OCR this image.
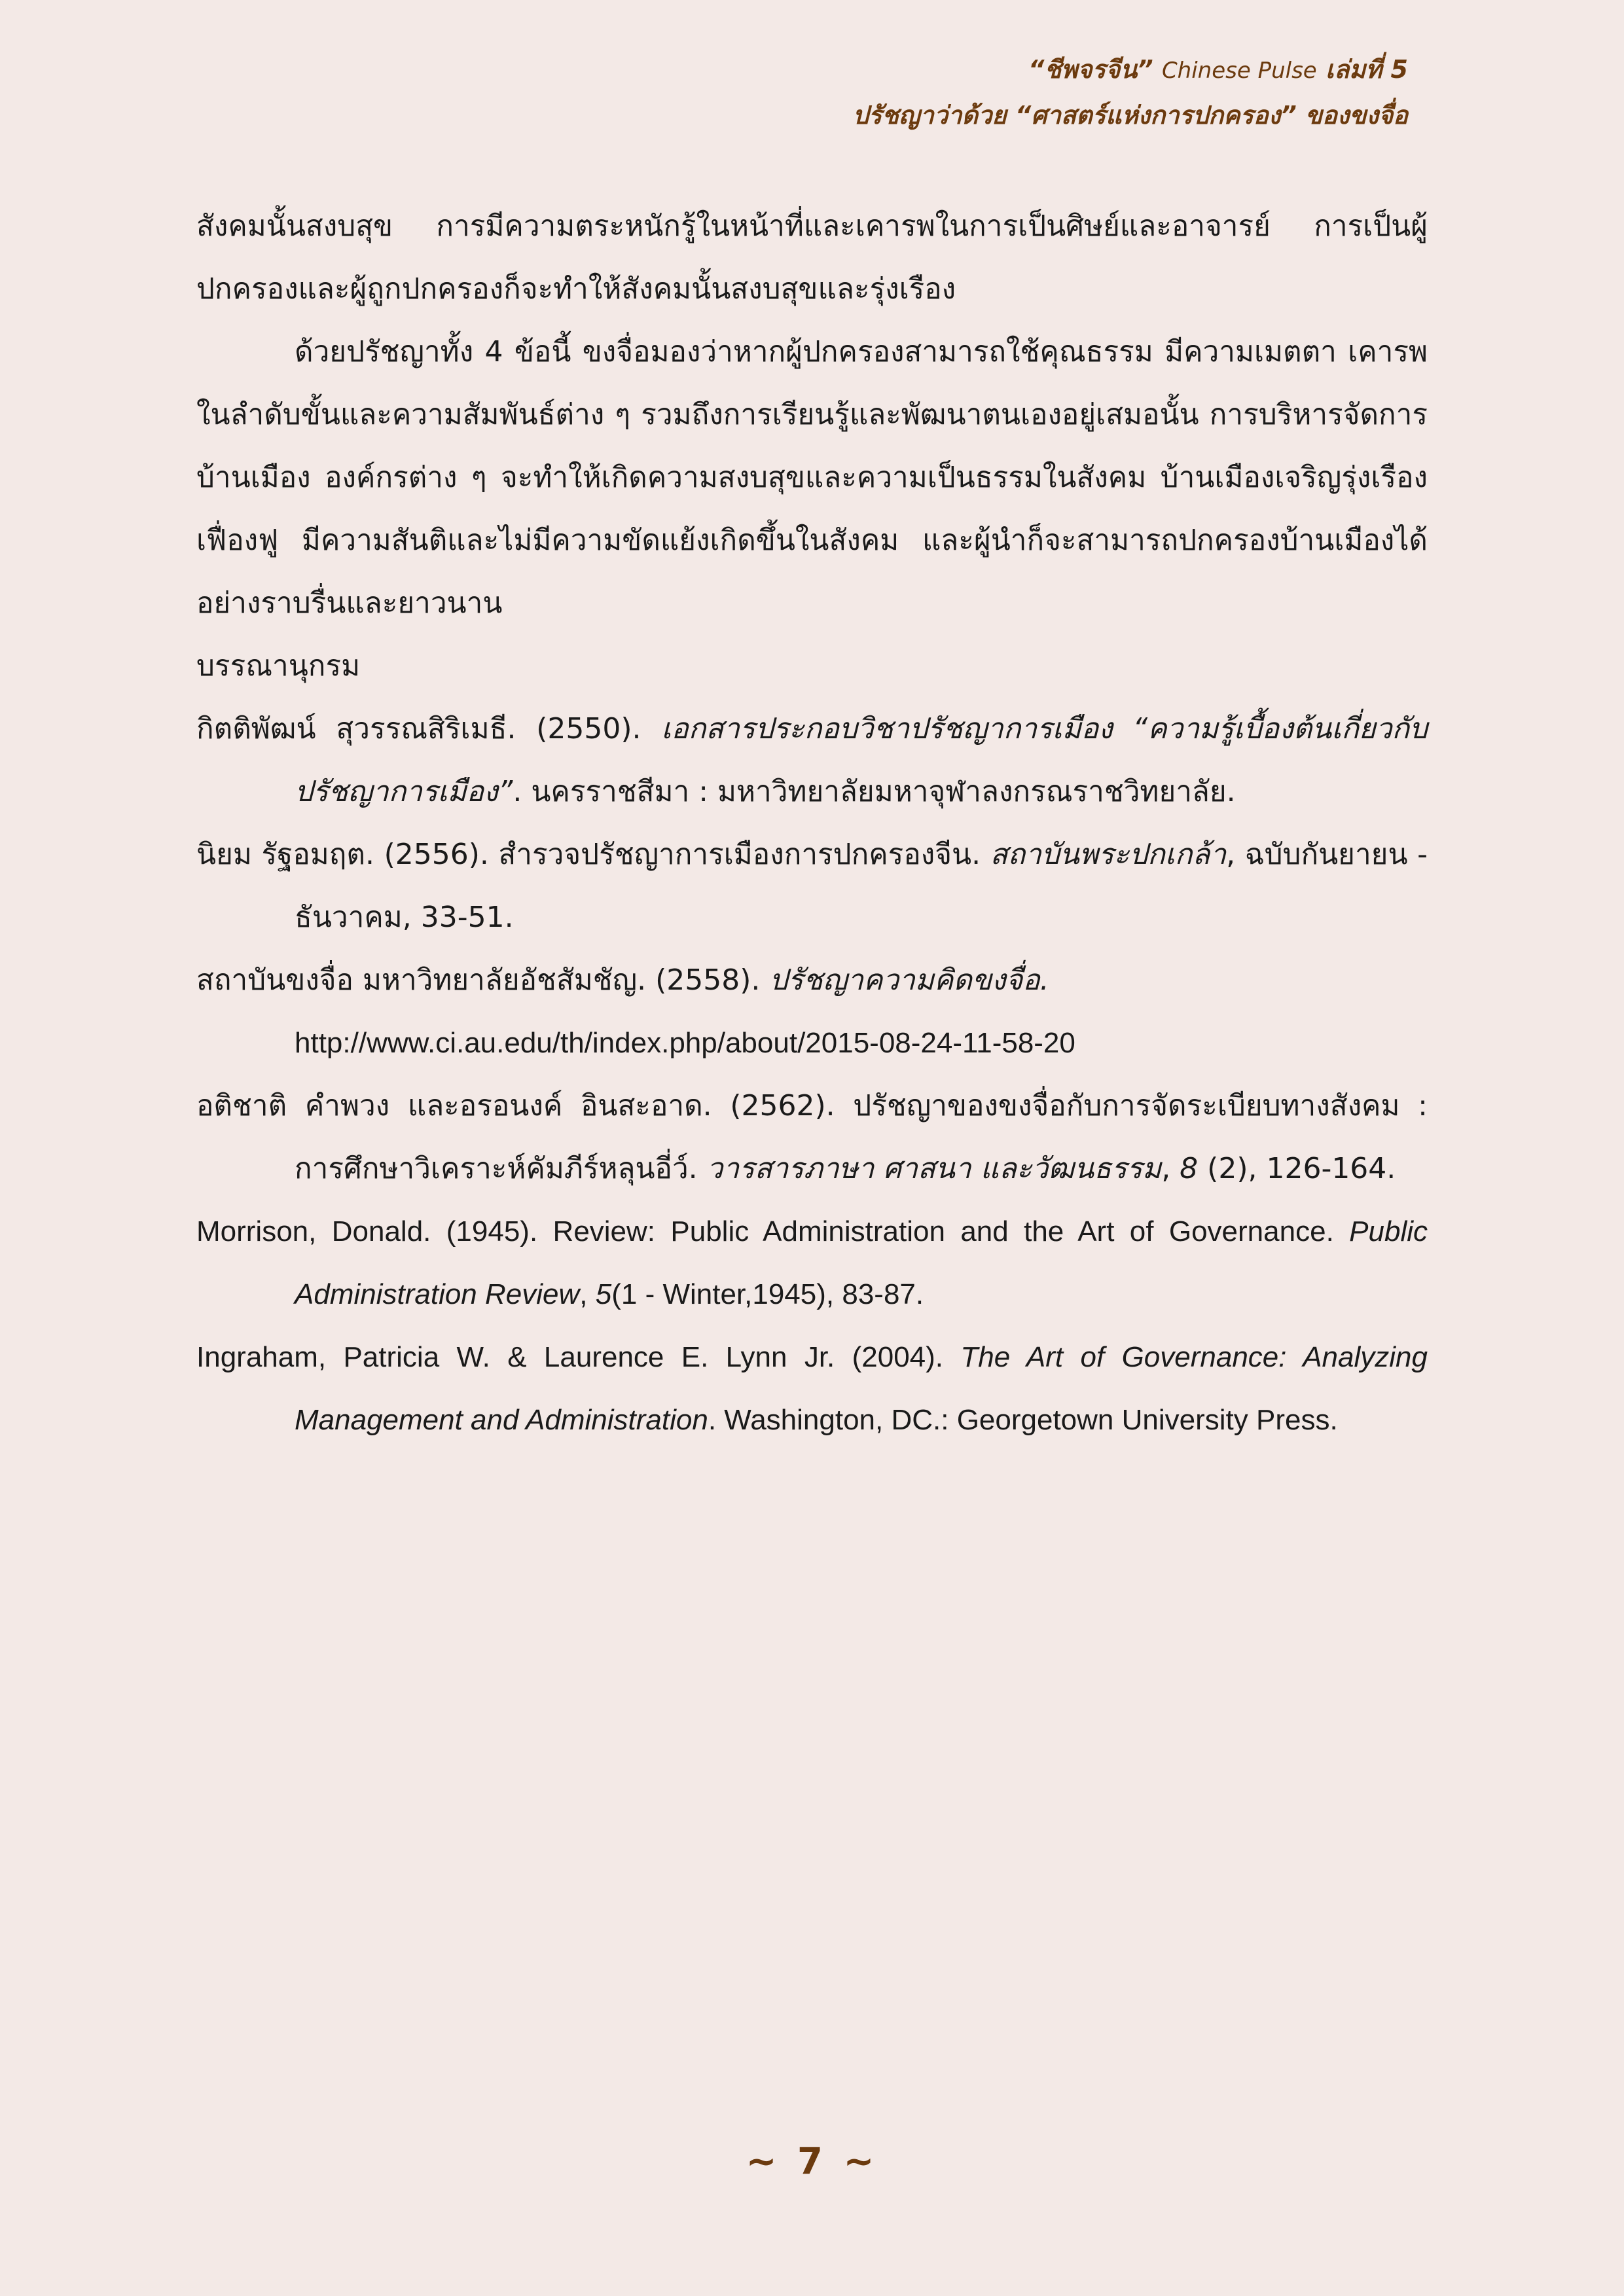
“ชีพจรจีน” Chinese Pulse เล่มที่ 5
ปรัชญาว่าด้วย “ศาสตร์แห่งการปกครอง” ของขงจื่อ

สังคมนั้นสงบสุข การมีความตระหนักรู้ในหน้าที่และเคารพในการเป็นศิษย์และอาจารย์ การเป็นผู้ปกครองและผู้ถูกปกครองก็จะทำให้สังคมนั้นสงบสุขและรุ่งเรือง

ด้วยปรัชญาทั้ง 4 ข้อนี้ ขงจื่อมองว่าหากผู้ปกครองสามารถใช้คุณธรรม มีความเมตตา เคารพในลำดับขั้นและความสัมพันธ์ต่าง ๆ รวมถึงการเรียนรู้และพัฒนาตนเองอยู่เสมอนั้น การบริหารจัดการบ้านเมือง องค์กรต่าง ๆ จะทำให้เกิดความสงบสุขและความเป็นธรรมในสังคม บ้านเมืองเจริญรุ่งเรืองเฟื่องฟู มีความสันติและไม่มีความขัดแย้งเกิดขึ้นในสังคม และผู้นำก็จะสามารถปกครองบ้านเมืองได้อย่างราบรื่นและยาวนาน

บรรณานุกรม

กิตติพัฒน์ สุวรรณสิริเมธี. (2550). เอกสารประกอบวิชาปรัชญาการเมือง “ความรู้เบื้องต้นเกี่ยวกับปรัชญาการเมือง”. นครราชสีมา : มหาวิทยาลัยมหาจุฬาลงกรณราชวิทยาลัย.

นิยม รัฐอมฤต. (2556). สำรวจปรัชญาการเมืองการปกครองจีน. สถาบันพระปกเกล้า, ฉบับกันยายน - ธันวาคม, 33-51.

สถาบันขงจื่อ มหาวิทยาลัยอัชสัมชัญ. (2558). ปรัชญาความคิดขงจื่อ.
http://www.ci.au.edu/th/index.php/about/2015-08-24-11-58-20

อติชาติ คำพวง และอรอนงค์ อินสะอาด. (2562). ปรัชญาของขงจื่อกับการจัดระเบียบทางสังคม : การศึกษาวิเคราะห์คัมภีร์หลุนอี่ว์. วารสารภาษา ศาสนา และวัฒนธรรม, 8 (2), 126-164.

Morrison, Donald. (1945). Review: Public Administration and the Art of Governance. Public Administration Review, 5(1 - Winter,1945), 83-87.

Ingraham, Patricia W. & Laurence E. Lynn Jr. (2004). The Art of Governance: Analyzing Management and Administration. Washington, DC.: Georgetown University Press.

~ 7 ~
